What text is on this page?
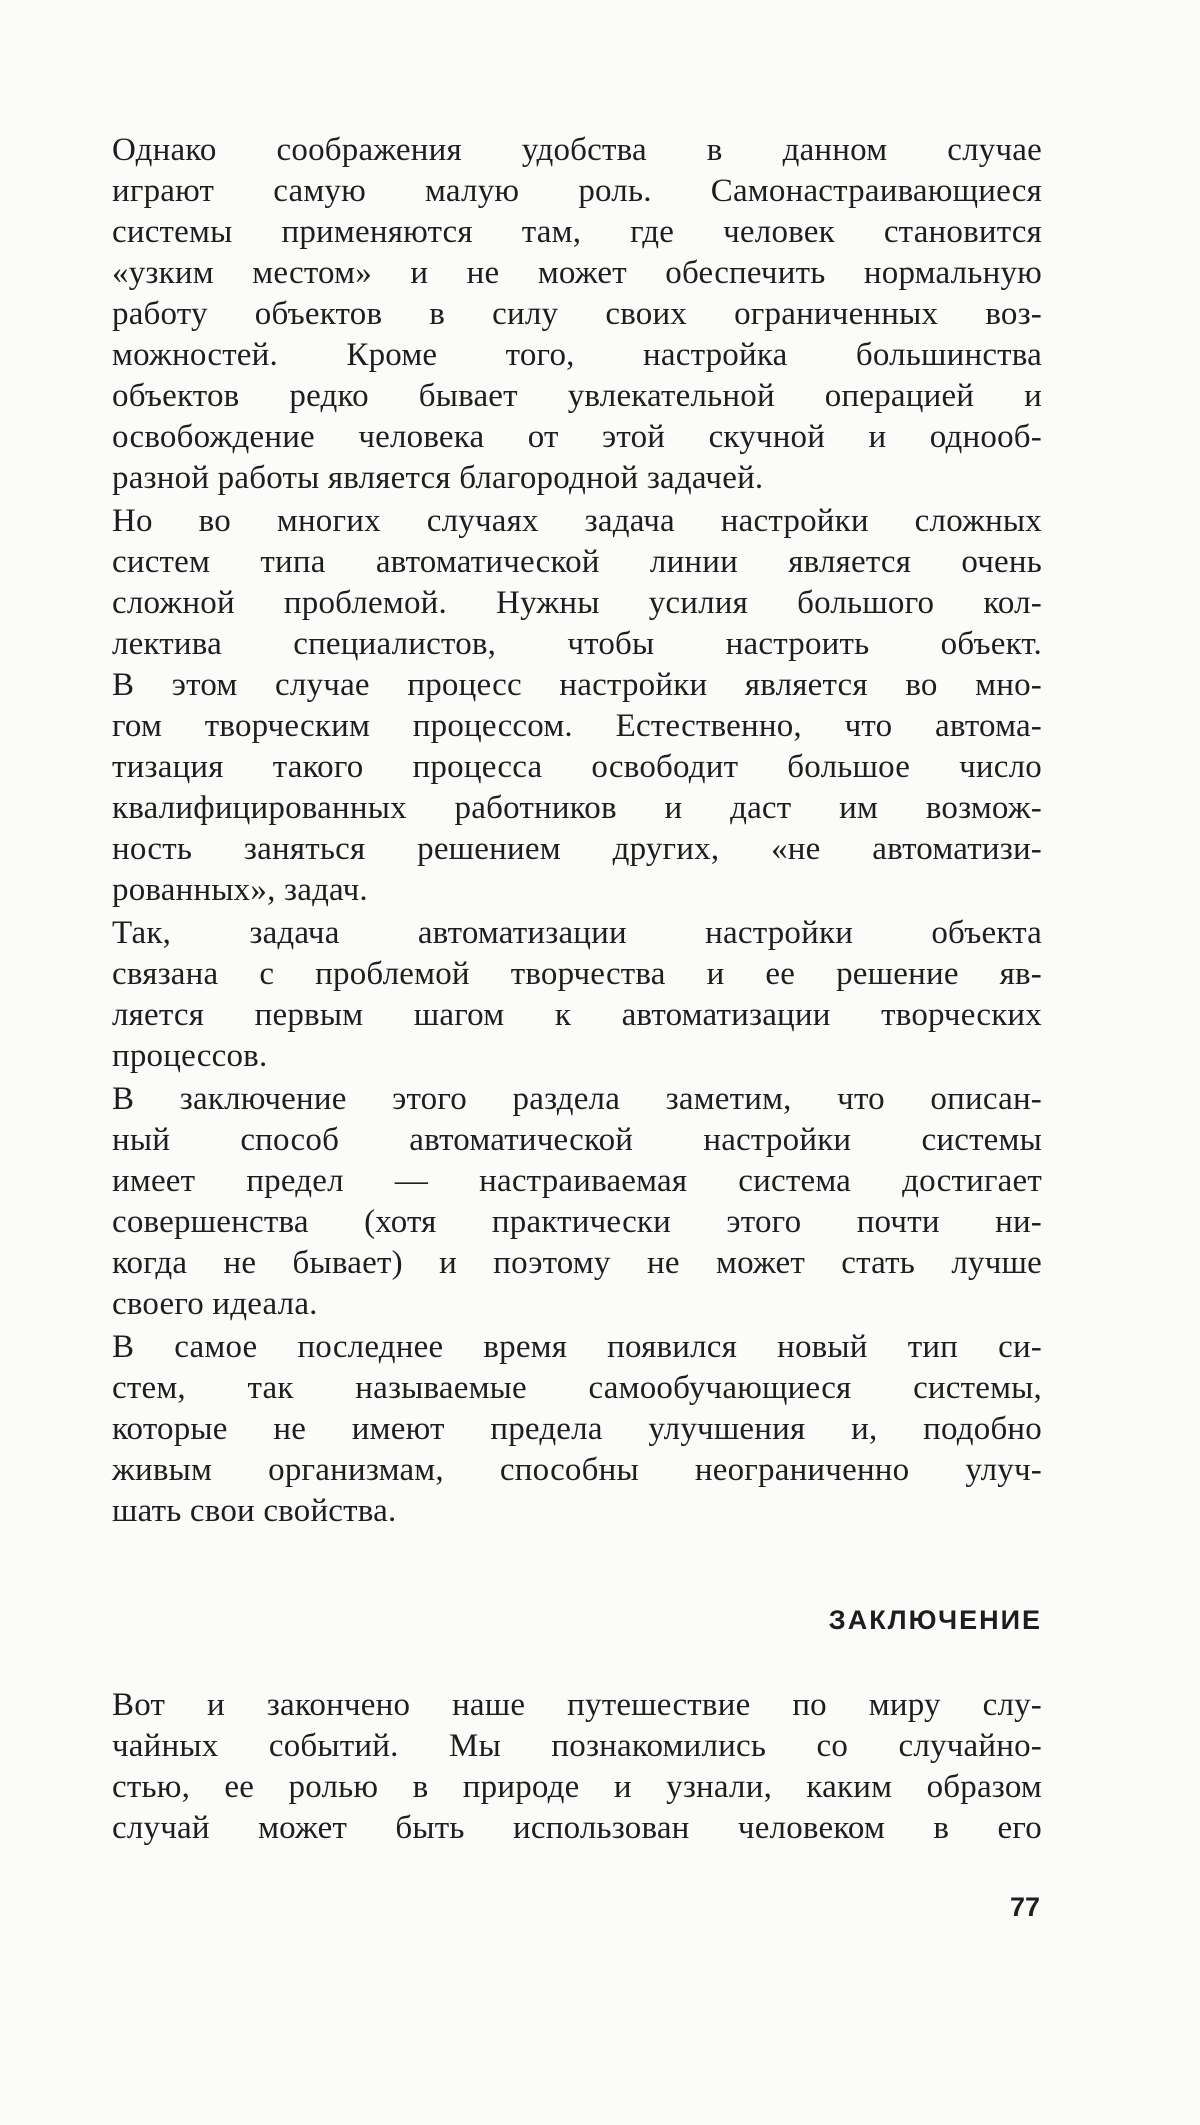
Однако соображения удобства в данном случае
играют самую малую роль. Самонастраивающиеся
системы применяются там, где человек становится
«узким местом» и не может обеспечить нормальную
работу объектов в силу своих ограниченных воз-
можностей. Кроме того, настройка большинства
объектов редко бывает увлекательной операцией и
освобождение человека от этой скучной и однооб-
разной работы является благородной задачей.
Но во многих случаях задача настройки сложных
систем типа автоматической линии является очень
сложной проблемой. Нужны усилия большого кол-
лектива специалистов, чтобы настроить объект.
В этом случае процесс настройки является во мно-
гом творческим процессом. Естественно, что автома-
тизация такого процесса освободит большое число
квалифицированных работников и даст им возмож-
ность заняться решением других, «не автоматизи-
рованных», задач.
Так, задача автоматизации настройки объекта
связана с проблемой творчества и ее решение яв-
ляется первым шагом к автоматизации творческих
процессов.
В заключение этого раздела заметим, что описан-
ный способ автоматической настройки системы
имеет предел — настраиваемая система достигает
совершенства (хотя практически этого почти ни-
когда не бывает) и поэтому не может стать лучше
своего идеала.
В самое последнее время появился новый тип си-
стем, так называемые самообучающиеся системы,
которые не имеют предела улучшения и, подобно
живым организмам, способны неограниченно улуч-
шать свои свойства.
ЗАКЛЮЧЕНИЕ
Вот и закончено наше путешествие по миру слу-
чайных событий. Мы познакомились со случайно-
стью, ее ролью в природе и узнали, каким образом
случай может быть использован человеком в его
77
